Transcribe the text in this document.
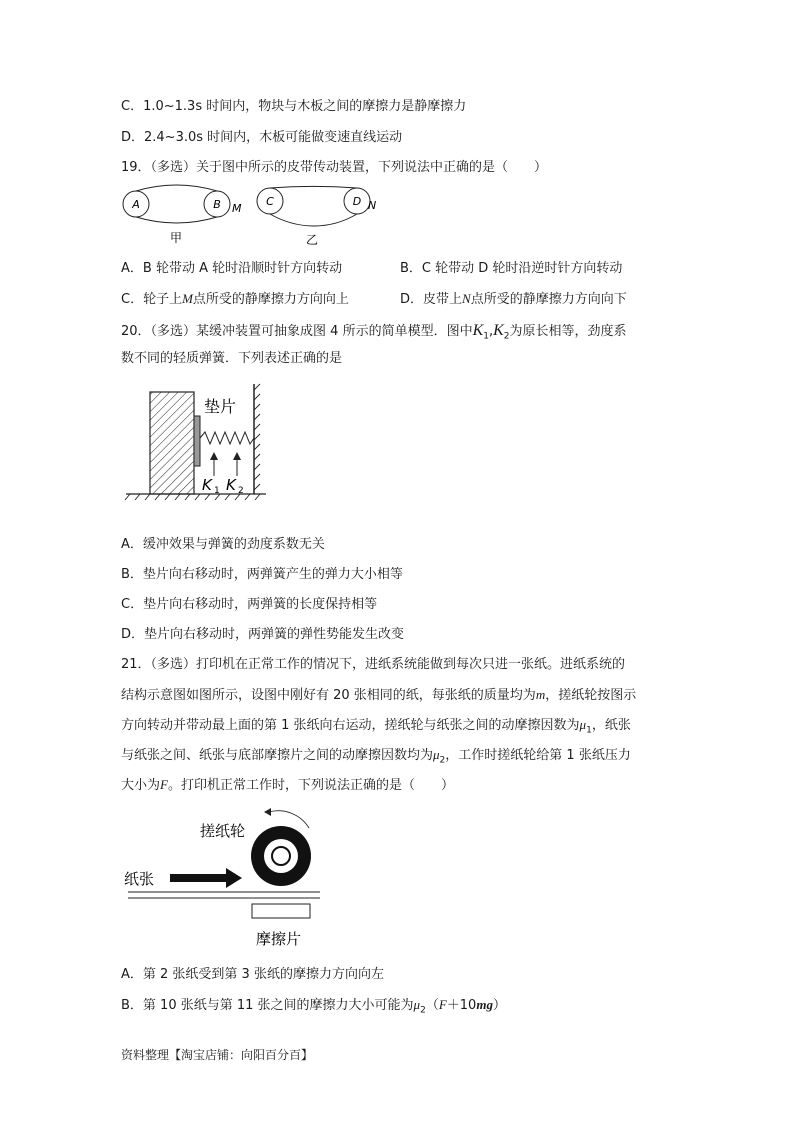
C．1.0~1.3s 时间内，物块与木板之间的摩擦力是静摩擦力
D．2.4~3.0s 时间内，木板可能做变速直线运动
19．（多选）关于图中所示的皮带传动装置，下列说法中正确的是（　　）
A	B M
甲
C	D N
乙
A．B 轮带动 A 轮时沿顺时针方向转动	B．C 轮带动 D 轮时沿逆时针方向转动
C．轮子上M点所受的静摩擦力方向向上	D．皮带上N点所受的静摩擦力方向向下
20．（多选）某缓冲装置可抽象成图 4 所示的简单模型．图中$K_1,K_2$为原长相等，劲度系
数不同的轻质弹簧．下列表述正确的是
垫片
K 1 K 2
A．缓冲效果与弹簧的劲度系数无关
B．垫片向右移动时，两弹簧产生的弹力大小相等
C．垫片向右移动时，两弹簧的长度保持相等
D．垫片向右移动时，两弹簧的弹性势能发生改变
21．（多选）打印机在正常工作的情况下，进纸系统能做到每次只进一张纸。进纸系统的
结构示意图如图所示，设图中刚好有 20 张相同的纸，每张纸的质量均为m，搓纸轮按图示
方向转动并带动最上面的第 1 张纸向右运动，搓纸轮与纸张之间的动摩擦因数为$\mu_1$，纸张
与纸张之间、纸张与底部摩擦片之间的动摩擦因数均为$\mu_2$，工作时搓纸轮给第 1 张纸压力
大小为F。打印机正常工作时，下列说法正确的是（　　）
搓纸轮
纸张
摩擦片
A．第 2 张纸受到第 3 张纸的摩擦力方向向左
B．第 10 张纸与第 11 张之间的摩擦力大小可能为$\mu_2(F+10mg)$
资料整理【淘宝店铺：向阳百分百】
